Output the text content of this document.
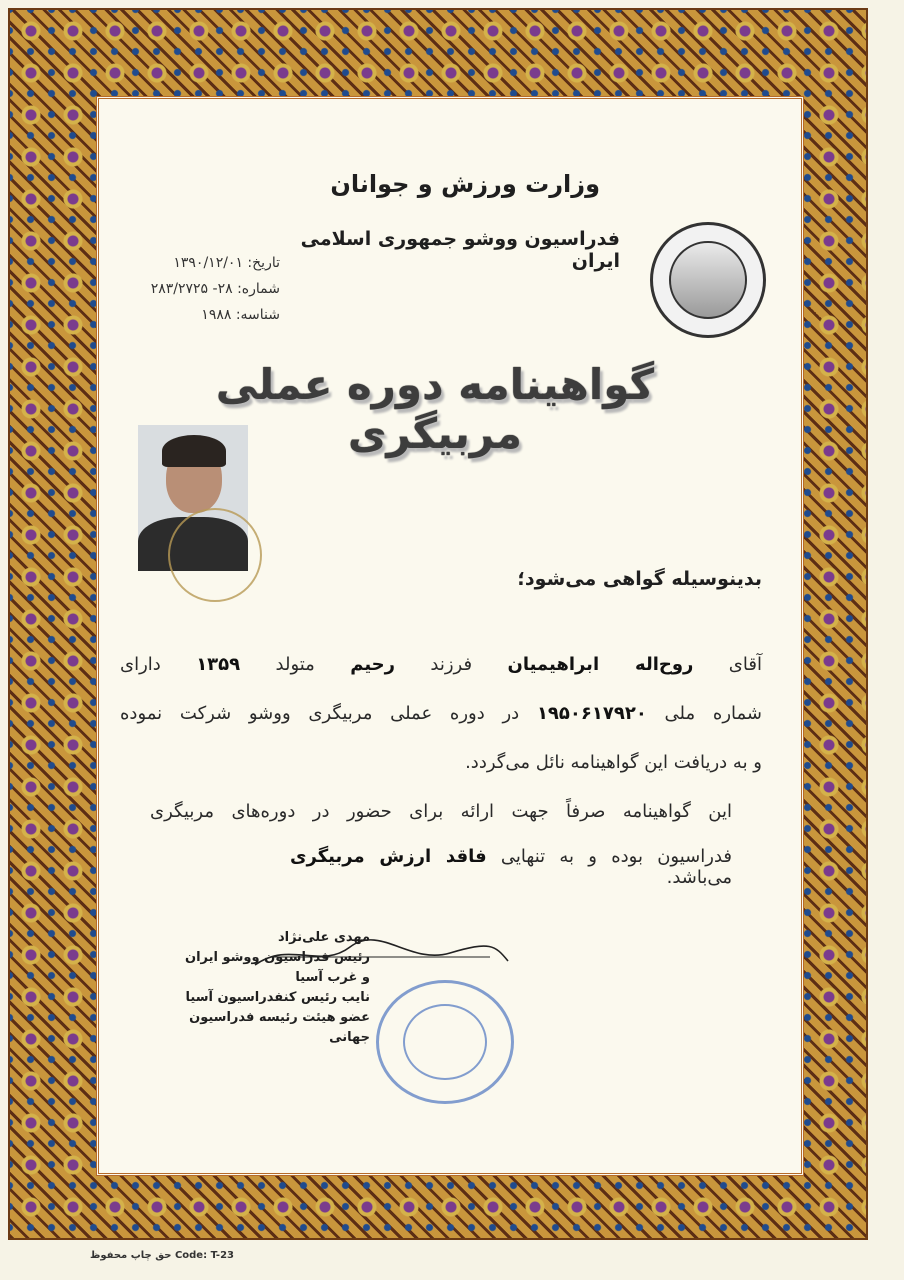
وزارت ورزش و جوانان
فدراسیون ووشو جمهوری اسلامی ایران
تاریخ: ۱۳۹۰/۱۲/۰۱
شماره: ۲۸- ۲۸۳/۲۷۲۵
شناسه: ۱۹۸۸
گواهینامه دوره عملی مربیگری
بدینوسیله گواهی می‌شود؛
آقای روح‌اله ابراهیمیان فرزند رحیم متولد ۱۳۵۹ دارای
شماره ملی ۱۹۵۰۶۱۷۹۲۰ در دوره عملی مربیگری ووشو شرکت نموده
و به دریافت این گواهینامه نائل می‌گردد.
این گواهینامه صرفاً جهت ارائه برای حضور در دوره‌های مربیگری
فدراسیون بوده و به تنهایی فاقد ارزش مربیگری می‌باشد.
مهدی علی‌نژاد
رئیس فدراسیون ووشو ایران و غرب آسیا
نایب رئیس کنفدراسیون آسیا
عضو هیئت رئیسه فدراسیون جهانی
Code: T-23 حق چاپ محفوظ
